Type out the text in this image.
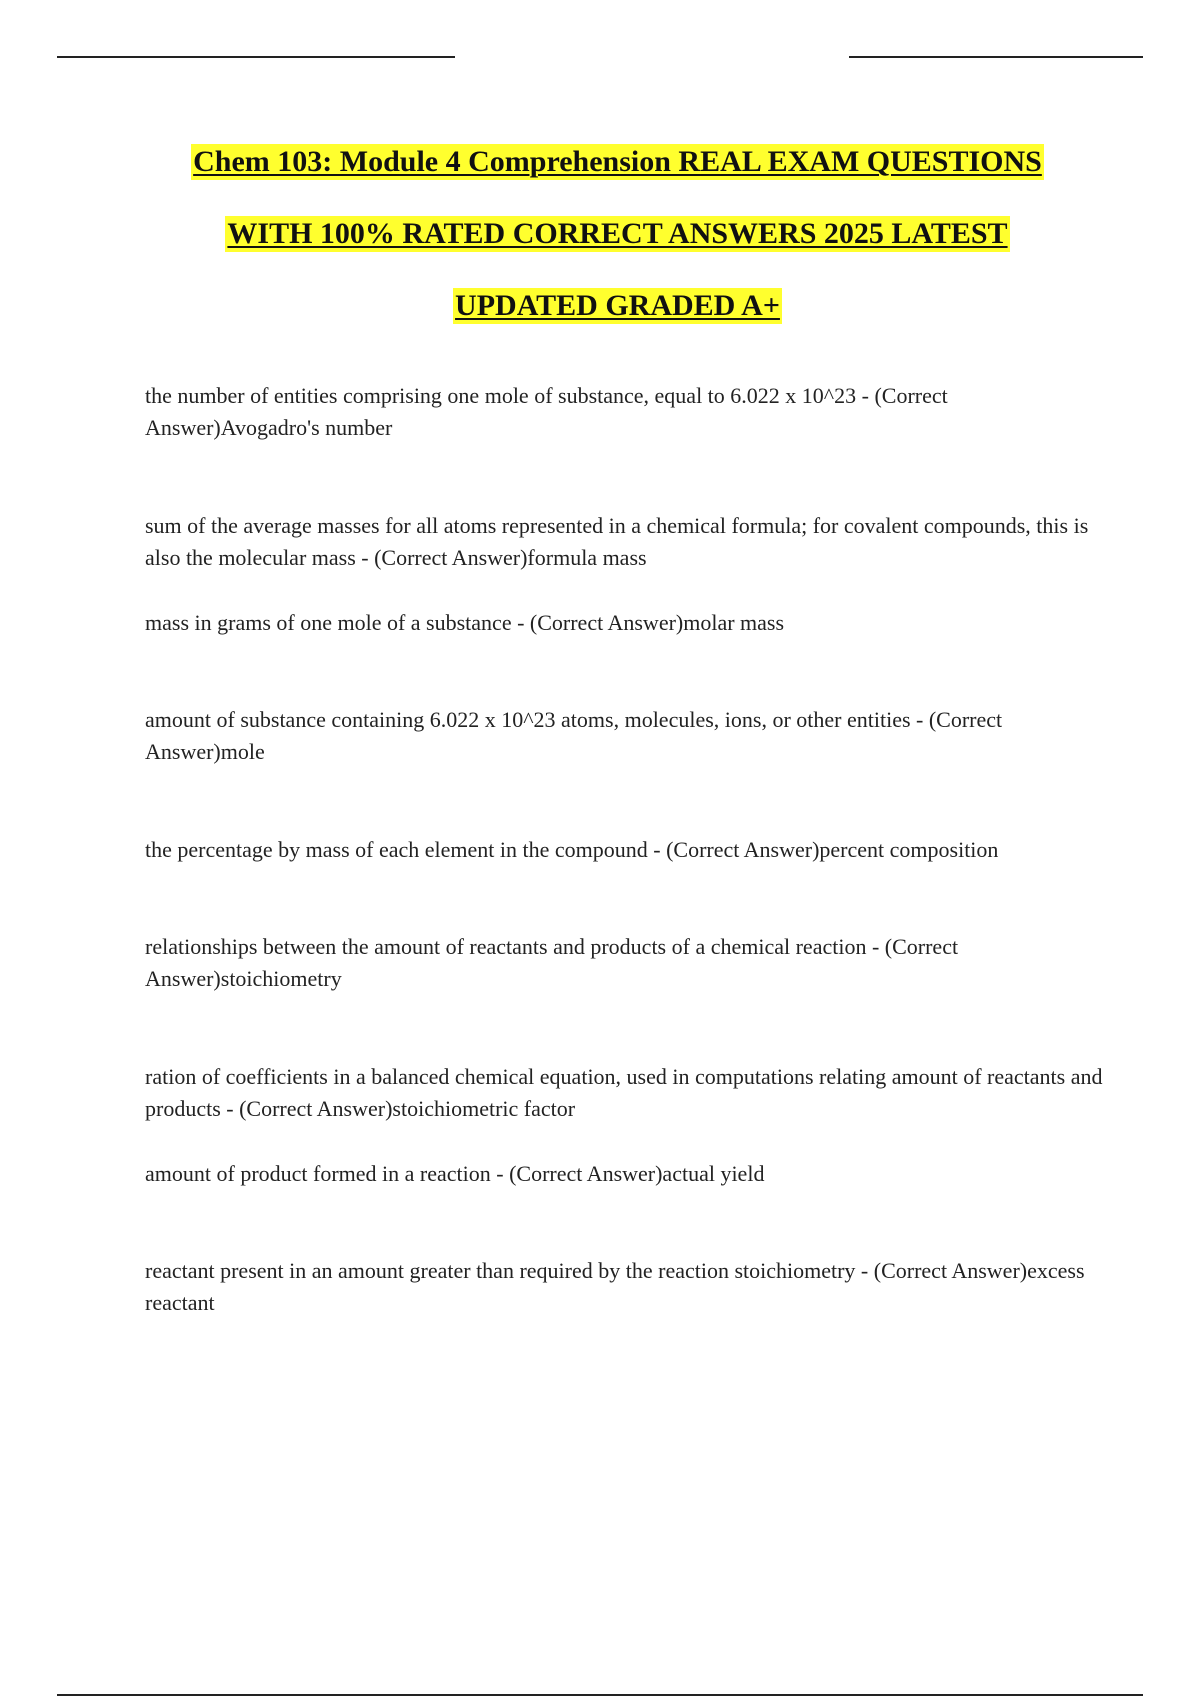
Chem 103: Module 4 Comprehension REAL EXAM QUESTIONS
WITH 100% RATED CORRECT ANSWERS 2025 LATEST
UPDATED GRADED A+
the number of entities comprising one mole of substance, equal to 6.022 x 10^23 - (Correct Answer)Avogadro's number
sum of the average masses for all atoms represented in a chemical formula; for covalent compounds, this is also the molecular mass - (Correct Answer)formula mass
mass in grams of one mole of a substance - (Correct Answer)molar mass
amount of substance containing 6.022 x 10^23 atoms, molecules, ions, or other entities - (Correct Answer)mole
the percentage by mass of each element in the compound - (Correct Answer)percent composition
relationships between the amount of reactants and products of a chemical reaction - (Correct Answer)stoichiometry
ration of coefficients in a balanced chemical equation, used in computations relating amount of reactants and products - (Correct Answer)stoichiometric factor
amount of product formed in a reaction - (Correct Answer)actual yield
reactant present in an amount greater than required by the reaction stoichiometry - (Correct Answer)excess reactant
